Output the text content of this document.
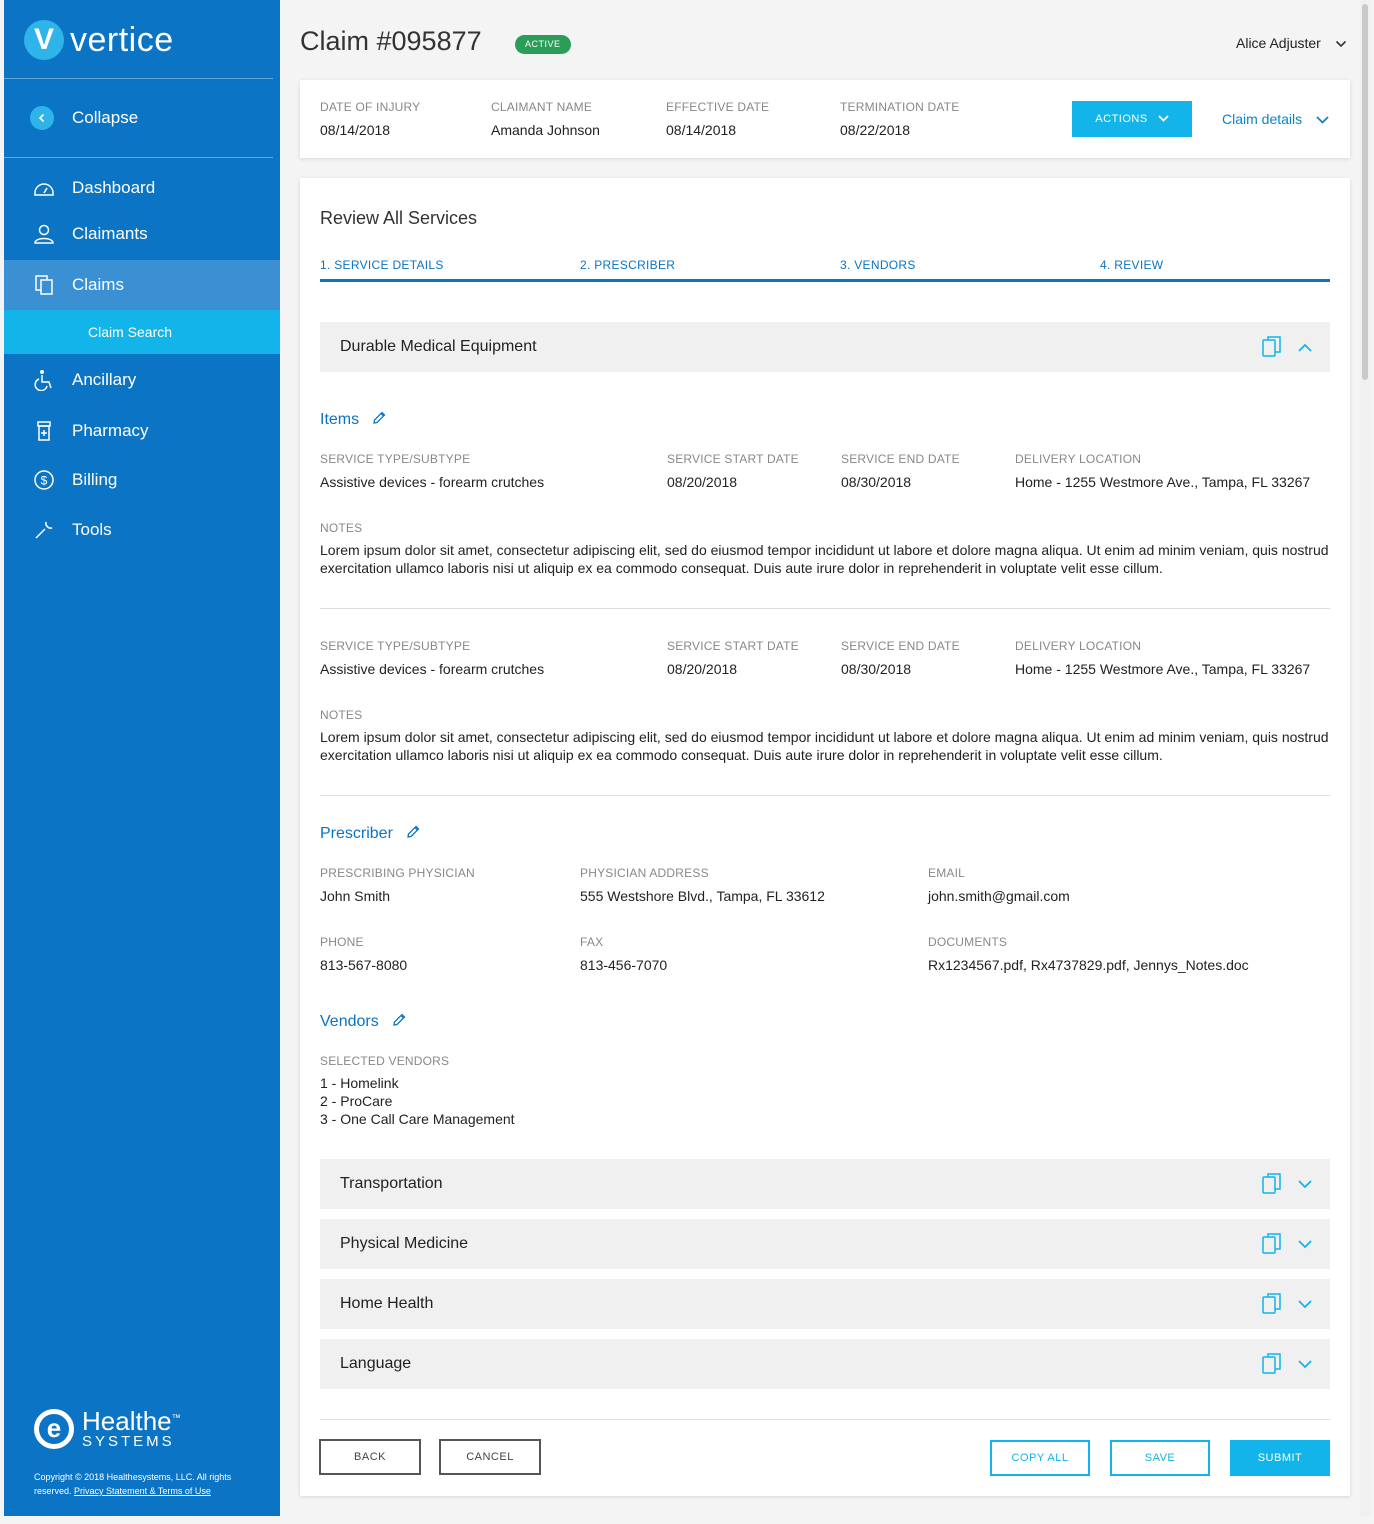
V vertice
Collapse
Dashboard
Claimants
Claims
Claim Search
Ancillary
Pharmacy
$ Billing
Tools
e Healthe™
SYSTEMS
Copyright © 2018 Healthesystems, LLC. All rights reserved. Privacy Statement & Terms of Use
Claim #095877	ACTIVE	Alice Adjuster
DATE OF INJURY
08/14/2018
CLAIMANT NAME
Amanda Johnson
EFFECTIVE DATE
08/14/2018
TERMINATION DATE
08/22/2018
ACTIONS	Claim details
Review All Services
1. SERVICE DETAILS	2. PRESCRIBER	3. VENDORS	4. REVIEW
Durable Medical Equipment
Items
SERVICE TYPE/SUBTYPE
Assistive devices - forearm crutches
SERVICE START DATE
08/20/2018
SERVICE END DATE
08/30/2018
DELIVERY LOCATION
Home - 1255 Westmore Ave., Tampa, FL 33267
NOTES
Lorem ipsum dolor sit amet, consectetur adipiscing elit, sed do eiusmod tempor incididunt ut labore et dolore magna aliqua. Ut enim ad minim veniam, quis nostrud exercitation ullamco laboris nisi ut aliquip ex ea commodo consequat. Duis aute irure dolor in reprehenderit in voluptate velit esse cillum.
SERVICE TYPE/SUBTYPE
Assistive devices - forearm crutches
SERVICE START DATE
08/20/2018
SERVICE END DATE
08/30/2018
DELIVERY LOCATION
Home - 1255 Westmore Ave., Tampa, FL 33267
NOTES
Lorem ipsum dolor sit amet, consectetur adipiscing elit, sed do eiusmod tempor incididunt ut labore et dolore magna aliqua. Ut enim ad minim veniam, quis nostrud exercitation ullamco laboris nisi ut aliquip ex ea commodo consequat. Duis aute irure dolor in reprehenderit in voluptate velit esse cillum.
Prescriber
PRESCRIBING PHYSICIAN
John Smith
PHYSICIAN ADDRESS
555 Westshore Blvd., Tampa, FL 33612
EMAIL
john.smith@gmail.com
PHONE
813-567-8080
FAX
813-456-7070
DOCUMENTS
Rx1234567.pdf, Rx4737829.pdf, Jennys_Notes.doc
Vendors
SELECTED VENDORS
1 - Homelink
2 - ProCare
3 - One Call Care Management
Transportation
Physical Medicine
Home Health
Language
BACK	CANCEL	COPY ALL	SAVE	SUBMIT
